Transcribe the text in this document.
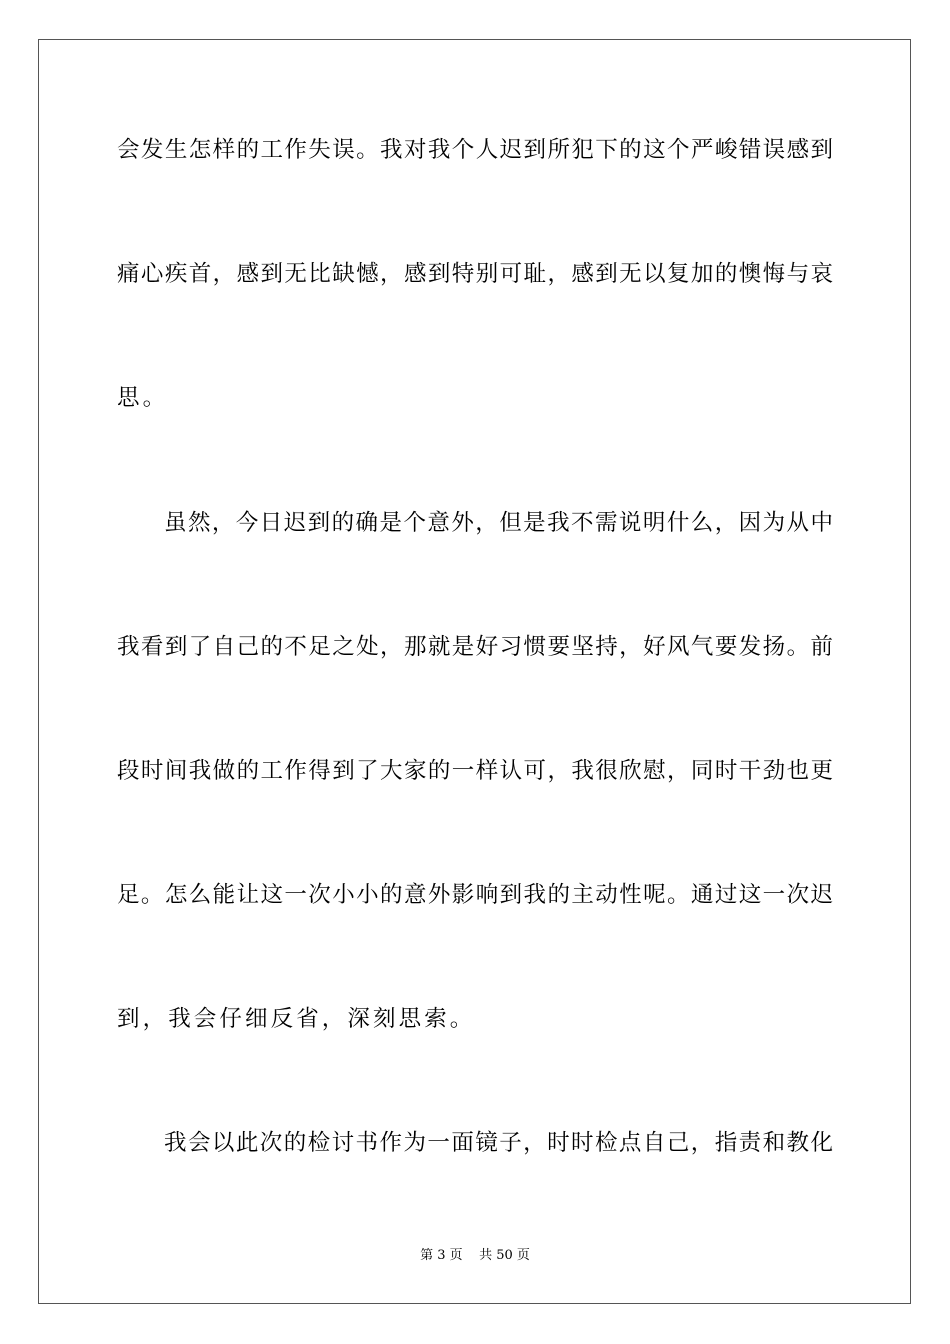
会发生怎样的工作失误。我对我个人迟到所犯下的这个严峻错误感到
痛心疾首，感到无比缺憾，感到特别可耻，感到无以复加的懊悔与哀
思。
虽然，今日迟到的确是个意外，但是我不需说明什么，因为从中
我看到了自己的不足之处，那就是好习惯要坚持，好风气要发扬。前
段时间我做的工作得到了大家的一样认可，我很欣慰，同时干劲也更
足。怎么能让这一次小小的意外影响到我的主动性呢。通过这一次迟
到，我会仔细反省，深刻思索。
我会以此次的检讨书作为一面镜子，时时检点自己，指责和教化
第 3 页    共 50 页
